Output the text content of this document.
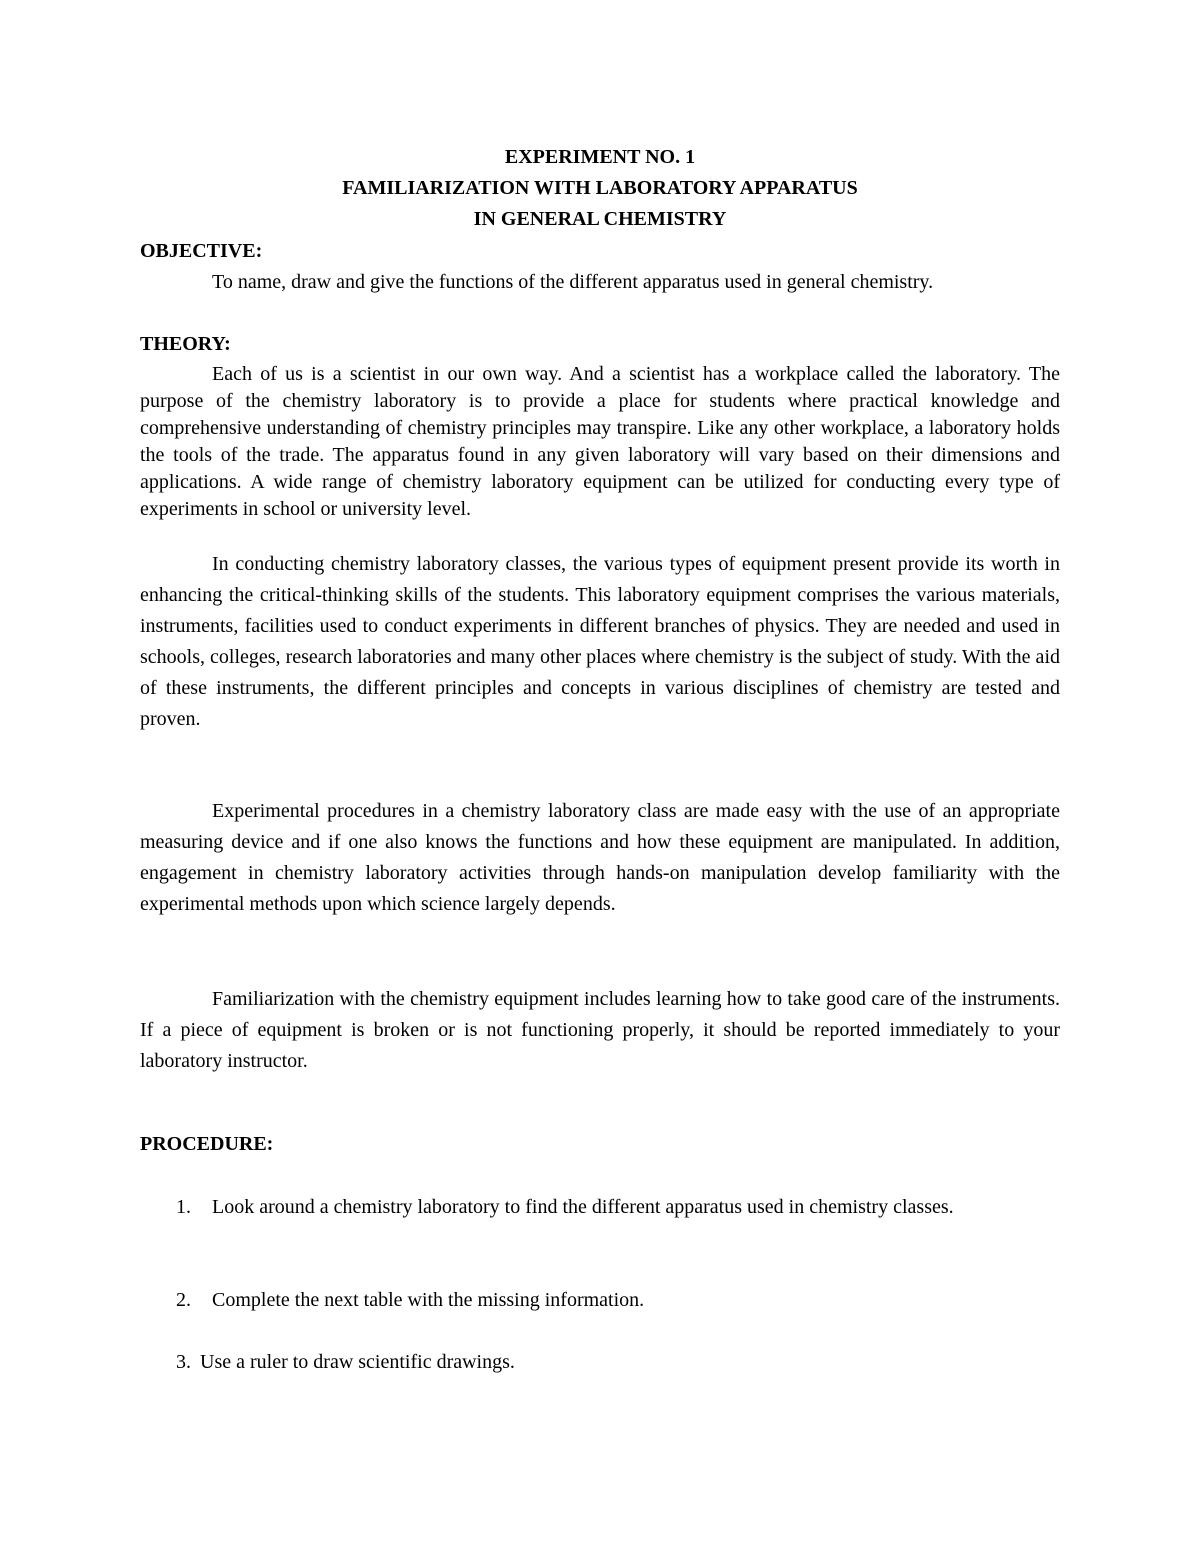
EXPERIMENT NO. 1

FAMILIARIZATION WITH LABORATORY APPARATUS

IN GENERAL CHEMISTRY

OBJECTIVE:

To name, draw and give the functions of the different apparatus used in general chemistry.

THEORY:

Each of us is a scientist in our own way. And a scientist has a workplace called the laboratory. The purpose of the chemistry laboratory is to provide a place for students where practical knowledge and comprehensive understanding of chemistry principles may transpire. Like any other workplace, a laboratory holds the tools of the trade. The apparatus found in any given laboratory will vary based on their dimensions and applications. A wide range of chemistry laboratory equipment can be utilized for conducting every type of experiments in school or university level.

In conducting chemistry laboratory classes, the various types of equipment present provide its worth in enhancing the critical-thinking skills of the students. This laboratory equipment comprises the various materials, instruments, facilities used to conduct experiments in different branches of physics. They are needed and used in schools, colleges, research laboratories and many other places where chemistry is the subject of study. With the aid of these instruments, the different principles and concepts in various disciplines of chemistry are tested and proven.

Experimental procedures in a chemistry laboratory class are made easy with the use of an appropriate measuring device and if one also knows the functions and how these equipment are manipulated. In addition, engagement in chemistry laboratory activities through hands-on manipulation develop familiarity with the experimental methods upon which science largely depends.

Familiarization with the chemistry equipment includes learning how to take good care of the instruments. If a piece of equipment is broken or is not functioning properly, it should be reported immediately to your laboratory instructor.

PROCEDURE:

1. Look around a chemistry laboratory to find the different apparatus used in chemistry classes.
2. Complete the next table with the missing information.
3. Use a ruler to draw scientific drawings.
